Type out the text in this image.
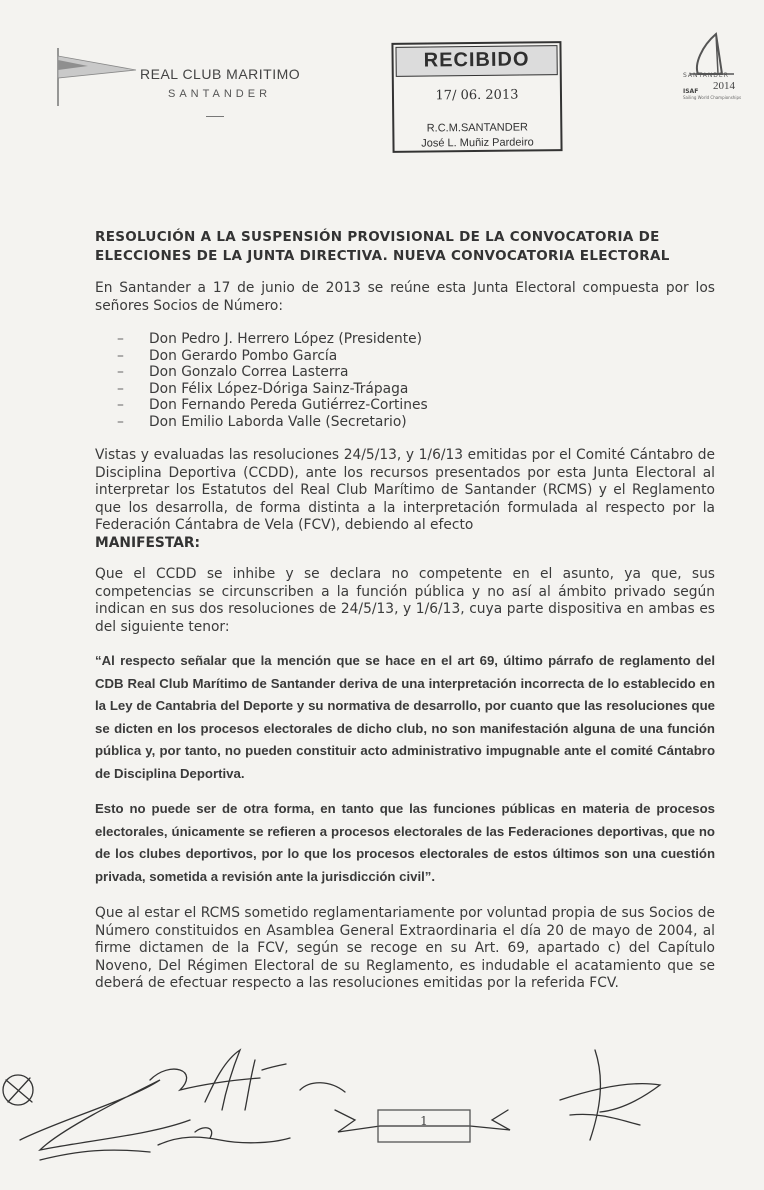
REAL CLUB MARITIMO
SANTANDER
RECIBIDO
17/ 06. 2013
R.C.M.SANTANDER
José L. Muñiz Pardeiro
SANTANDER
2014
ISAF
Sailing World Championships
RESOLUCIÓN A LA SUSPENSIÓN PROVISIONAL DE LA CONVOCATORIA DE ELECCIONES DE LA JUNTA DIRECTIVA. NUEVA CONVOCATORIA ELECTORAL

En Santander a 17 de junio de 2013 se reúne esta Junta Electoral compuesta por los señores Socios de Número:

– Don Pedro J. Herrero López (Presidente)
– Don Gerardo Pombo García
– Don Gonzalo Correa Lasterra
– Don Félix López-Dóriga Sainz-Trápaga
– Don Fernando Pereda Gutiérrez-Cortines
– Don Emilio Laborda Valle (Secretario)

Vistas y evaluadas las resoluciones 24/5/13, y 1/6/13 emitidas por el Comité Cántabro de Disciplina Deportiva (CCDD), ante los recursos presentados por esta Junta Electoral al interpretar los Estatutos del Real Club Marítimo de Santander (RCMS) y el Reglamento que los desarrolla, de forma distinta a la interpretación formulada al respecto por la Federación Cántabra de Vela (FCV), debiendo al efecto

MANIFESTAR:

Que el CCDD se inhibe y se declara no competente en el asunto, ya que, sus competencias se circunscriben a la función pública y no así al ámbito privado según indican en sus dos resoluciones de 24/5/13, y 1/6/13, cuya parte dispositiva en ambas es del siguiente tenor:

“Al respecto señalar que la mención que se hace en el art 69, último párrafo de reglamento del CDB Real Club Marítimo de Santander deriva de una interpretación incorrecta de lo establecido en la Ley de Cantabria del Deporte y su normativa de desarrollo, por cuanto que las resoluciones que se dicten en los procesos electorales de dicho club, no son manifestación alguna de una función pública y, por tanto, no pueden constituir acto administrativo impugnable ante el comité Cántabro de Disciplina Deportiva.

Esto no puede ser de otra forma, en tanto que las funciones públicas en materia de procesos electorales, únicamente se refieren a procesos electorales de las Federaciones deportivas, que no de los clubes deportivos, por lo que los procesos electorales de estos últimos son una cuestión privada, sometida a revisión ante la jurisdicción civil”.

Que al estar el RCMS sometido reglamentariamente por voluntad propia de sus Socios de Número constituidos en Asamblea General Extraordinaria el día 20 de mayo de 2004, al firme dictamen de la FCV, según se recoge en su Art. 69, apartado c) del Capítulo Noveno, Del Régimen Electoral de su Reglamento, es indudable el acatamiento que se deberá de efectuar respecto a las resoluciones emitidas por la referida FCV.

1
